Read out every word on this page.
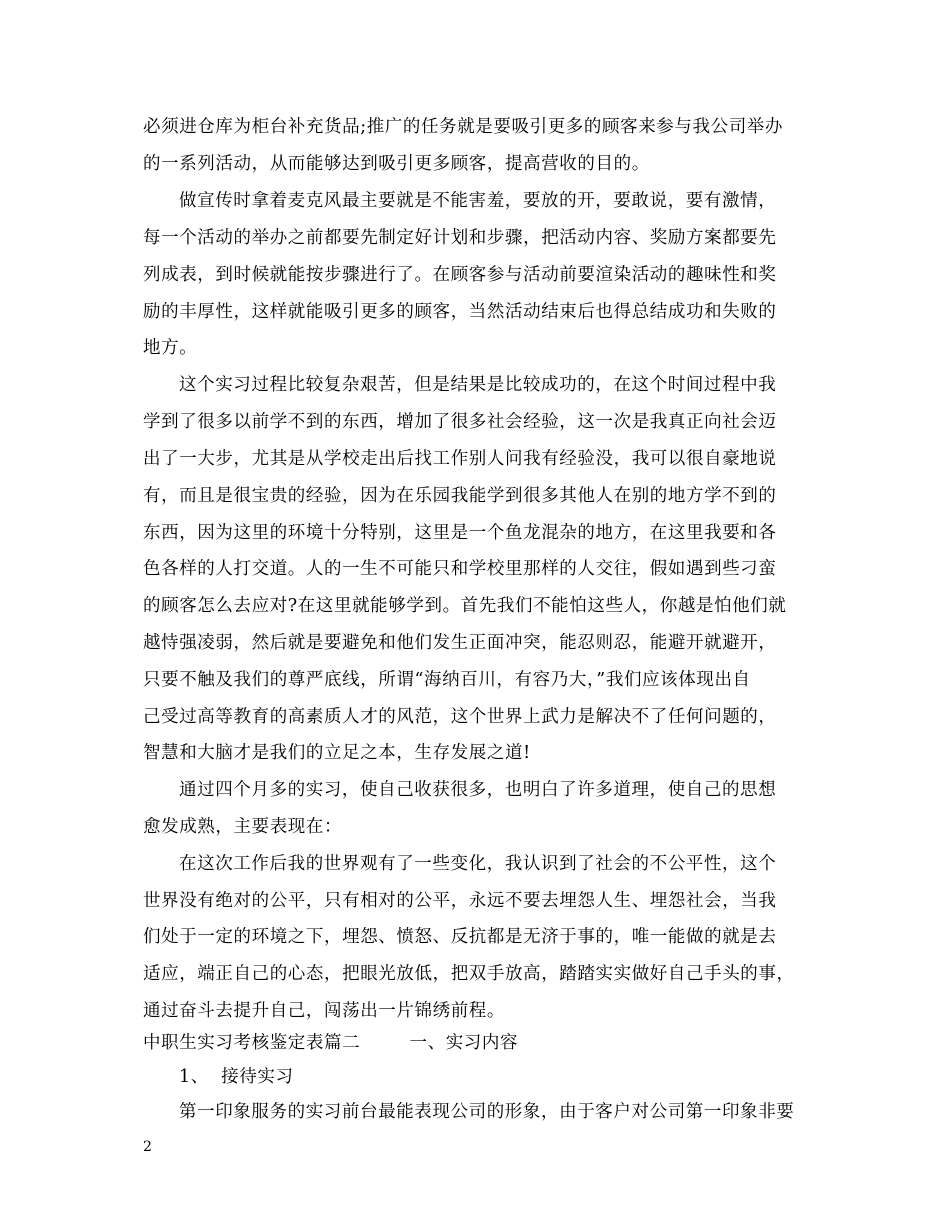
必须进仓库为柜台补充货品;推广的任务就是要吸引更多的顾客来参与我公司举办
的一系列活动，从而能够达到吸引更多顾客，提高营收的目的。
做宣传时拿着麦克风最主要就是不能害羞，要放的开，要敢说，要有激情，
每一个活动的举办之前都要先制定好计划和步骤，把活动内容、奖励方案都要先
列成表，到时候就能按步骤进行了。在顾客参与活动前要渲染活动的趣味性和奖
励的丰厚性，这样就能吸引更多的顾客，当然活动结束后也得总结成功和失败的
地方。
这个实习过程比较复杂艰苦，但是结果是比较成功的，在这个时间过程中我
学到了很多以前学不到的东西，增加了很多社会经验，这一次是我真正向社会迈
出了一大步，尤其是从学校走出后找工作别人问我有经验没，我可以很自豪地说
有，而且是很宝贵的经验，因为在乐园我能学到很多其他人在别的地方学不到的
东西，因为这里的环境十分特别，这里是一个鱼龙混杂的地方，在这里我要和各
色各样的人打交道。人的一生不可能只和学校里那样的人交往，假如遇到些刁蛮
的顾客怎么去应对?在这里就能够学到。首先我们不能怕这些人，你越是怕他们就
越恃强凌弱，然后就是要避免和他们发生正面冲突，能忍则忍，能避开就避开，
只要不触及我们的尊严底线，所谓“海纳百川，有容乃大，”我们应该体现出自
己受过高等教育的高素质人才的风范，这个世界上武力是解决不了任何问题的，
智慧和大脑才是我们的立足之本，生存发展之道!
通过四个月多的实习，使自己收获很多，也明白了许多道理，使自己的思想
愈发成熟，主要表现在：
在这次工作后我的世界观有了一些变化，我认识到了社会的不公平性，这个
世界没有绝对的公平，只有相对的公平，永远不要去埋怨人生、埋怨社会，当我
们处于一定的环境之下，埋怨、愤怒、反抗都是无济于事的，唯一能做的就是去
适应，端正自己的心态，把眼光放低，把双手放高，踏踏实实做好自己手头的事，
通过奋斗去提升自己，闯荡出一片锦绣前程。
中职生实习考核鉴定表篇二        一、实习内容
1、  接待实习
第一印象服务的实习前台最能表现公司的形象，由于客户对公司第一印象非要
2
